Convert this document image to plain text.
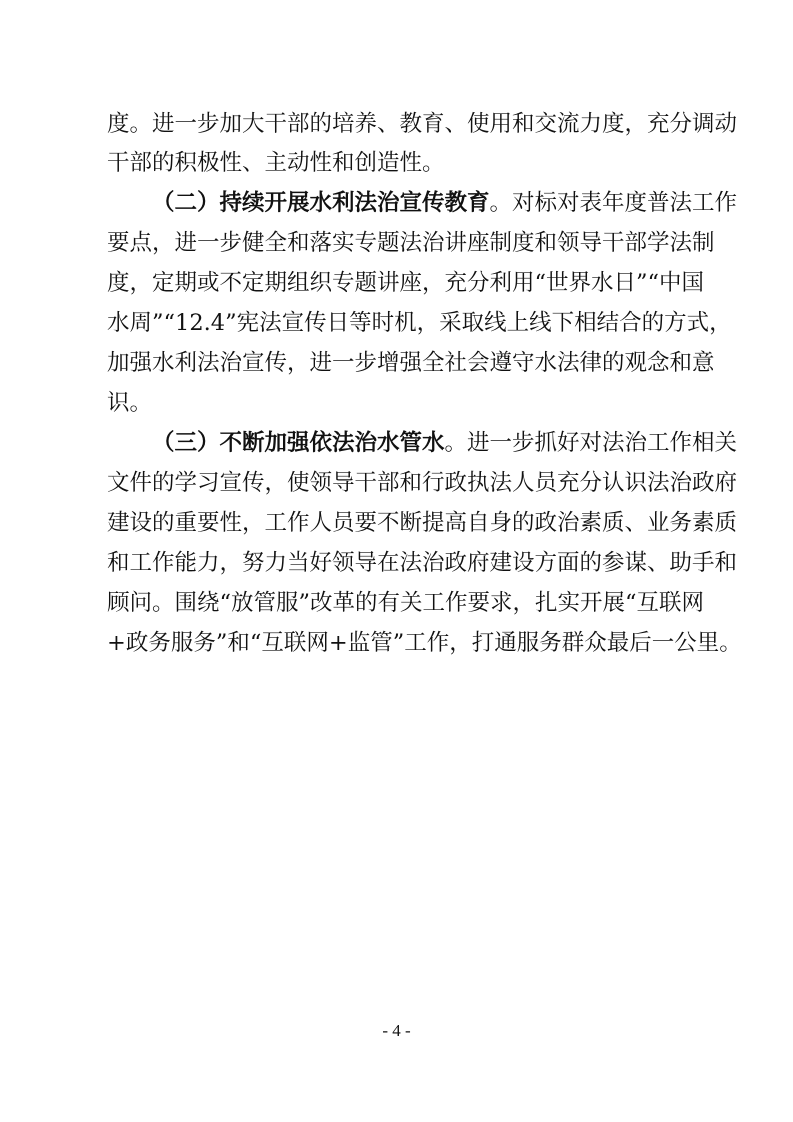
度。进一步加大干部的培养、教育、使用和交流力度，充分调动
干部的积极性、主动性和创造性。
（二）持续开展水利法治宣传教育。对标对表年度普法工作
要点，进一步健全和落实专题法治讲座制度和领导干部学法制
度，定期或不定期组织专题讲座，充分利用“世界水日”“中国
水周”“12.4”宪法宣传日等时机，采取线上线下相结合的方式，
加强水利法治宣传，进一步增强全社会遵守水法律的观念和意
识。
（三）不断加强依法治水管水。进一步抓好对法治工作相关
文件的学习宣传，使领导干部和行政执法人员充分认识法治政府
建设的重要性，工作人员要不断提高自身的政治素质、业务素质
和工作能力，努力当好领导在法治政府建设方面的参谋、助手和
顾问。围绕“放管服”改革的有关工作要求，扎实开展“互联网
+政务服务”和“互联网+监管”工作，打通服务群众最后一公里。
- 4 -
